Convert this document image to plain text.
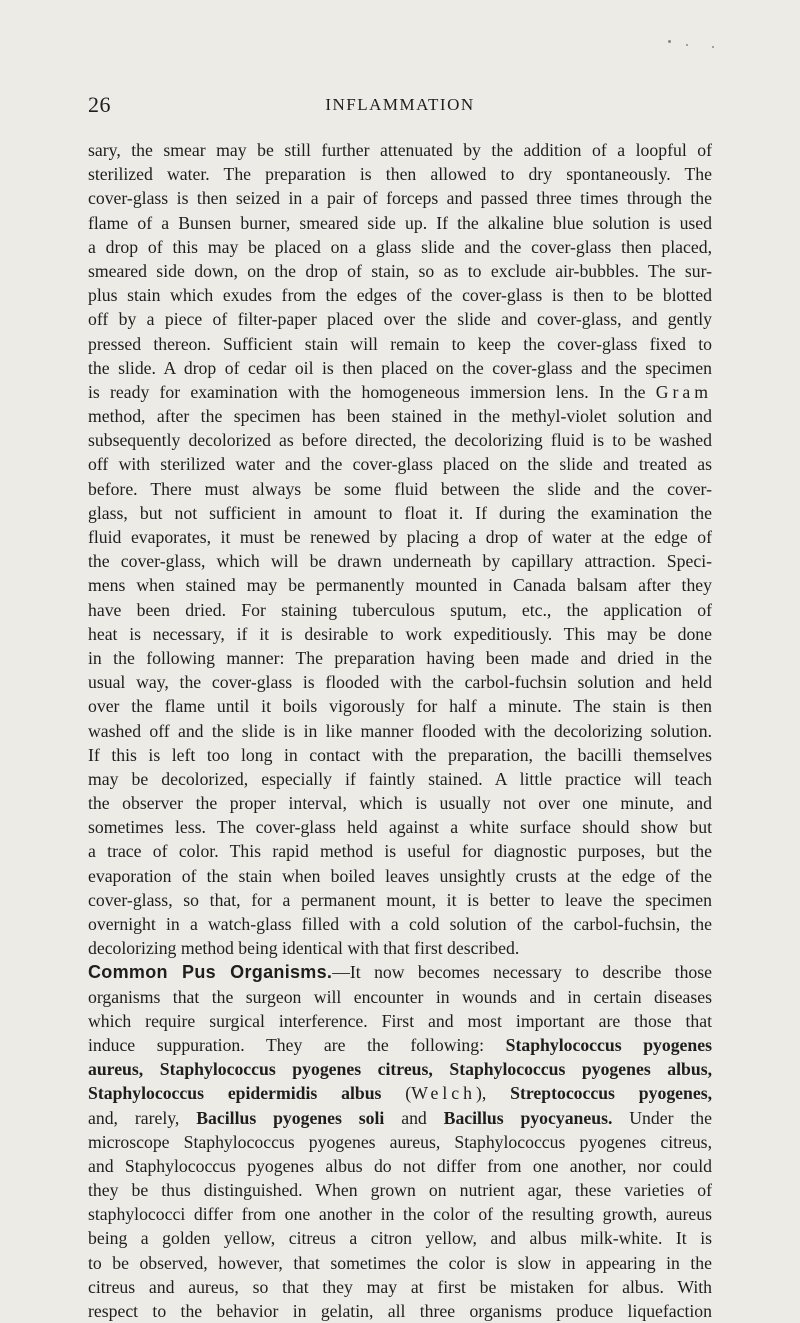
26	INFLAMMATION
sary, the smear may be still further attenuated by the addition of a loopful of
sterilized water. The preparation is then allowed to dry spontaneously. The
cover-glass is then seized in a pair of forceps and passed three times through the
flame of a Bunsen burner, smeared side up. If the alkaline blue solution is used
a drop of this may be placed on a glass slide and the cover-glass then placed,
smeared side down, on the drop of stain, so as to exclude air-bubbles. The sur-
plus stain which exudes from the edges of the cover-glass is then to be blotted
off by a piece of filter-paper placed over the slide and cover-glass, and gently
pressed thereon. Sufficient stain will remain to keep the cover-glass fixed to
the slide. A drop of cedar oil is then placed on the cover-glass and the specimen
is ready for examination with the homogeneous immersion lens. In the Gram
method, after the specimen has been stained in the methyl-violet solution and
subsequently decolorized as before directed, the decolorizing fluid is to be washed
off with sterilized water and the cover-glass placed on the slide and treated as
before. There must always be some fluid between the slide and the cover-
glass, but not sufficient in amount to float it. If during the examination the
fluid evaporates, it must be renewed by placing a drop of water at the edge of
the cover-glass, which will be drawn underneath by capillary attraction. Speci-
mens when stained may be permanently mounted in Canada balsam after they
have been dried. For staining tuberculous sputum, etc., the application of
heat is necessary, if it is desirable to work expeditiously. This may be done
in the following manner: The preparation having been made and dried in the
usual way, the cover-glass is flooded with the carbol-fuchsin solution and held
over the flame until it boils vigorously for half a minute. The stain is then
washed off and the slide is in like manner flooded with the decolorizing solution.
If this is left too long in contact with the preparation, the bacilli themselves
may be decolorized, especially if faintly stained. A little practice will teach
the observer the proper interval, which is usually not over one minute, and
sometimes less. The cover-glass held against a white surface should show but
a trace of color. This rapid method is useful for diagnostic purposes, but the
evaporation of the stain when boiled leaves unsightly crusts at the edge of the
cover-glass, so that, for a permanent mount, it is better to leave the specimen
overnight in a watch-glass filled with a cold solution of the carbol-fuchsin, the
decolorizing method being identical with that first described.
Common Pus Organisms.—It now becomes necessary to describe those
organisms that the surgeon will encounter in wounds and in certain diseases
which require surgical interference. First and most important are those that
induce suppuration. They are the following: Staphylococcus pyogenes
aureus, Staphylococcus pyogenes citreus, Staphylococcus pyogenes albus,
Staphylococcus epidermidis albus (Welch), Streptococcus pyogenes,
and, rarely, Bacillus pyogenes soli and Bacillus pyocyaneus. Under the
microscope Staphylococcus pyogenes aureus, Staphylococcus pyogenes citreus,
and Staphylococcus pyogenes albus do not differ from one another, nor could
they be thus distinguished. When grown on nutrient agar, these varieties of
staphylococci differ from one another in the color of the resulting growth, aureus
being a golden yellow, citreus a citron yellow, and albus milk-white. It is
to be observed, however, that sometimes the color is slow in appearing in the
citreus and aureus, so that they may at first be mistaken for albus. With
respect to the behavior in gelatin, all three organisms produce liquefaction
